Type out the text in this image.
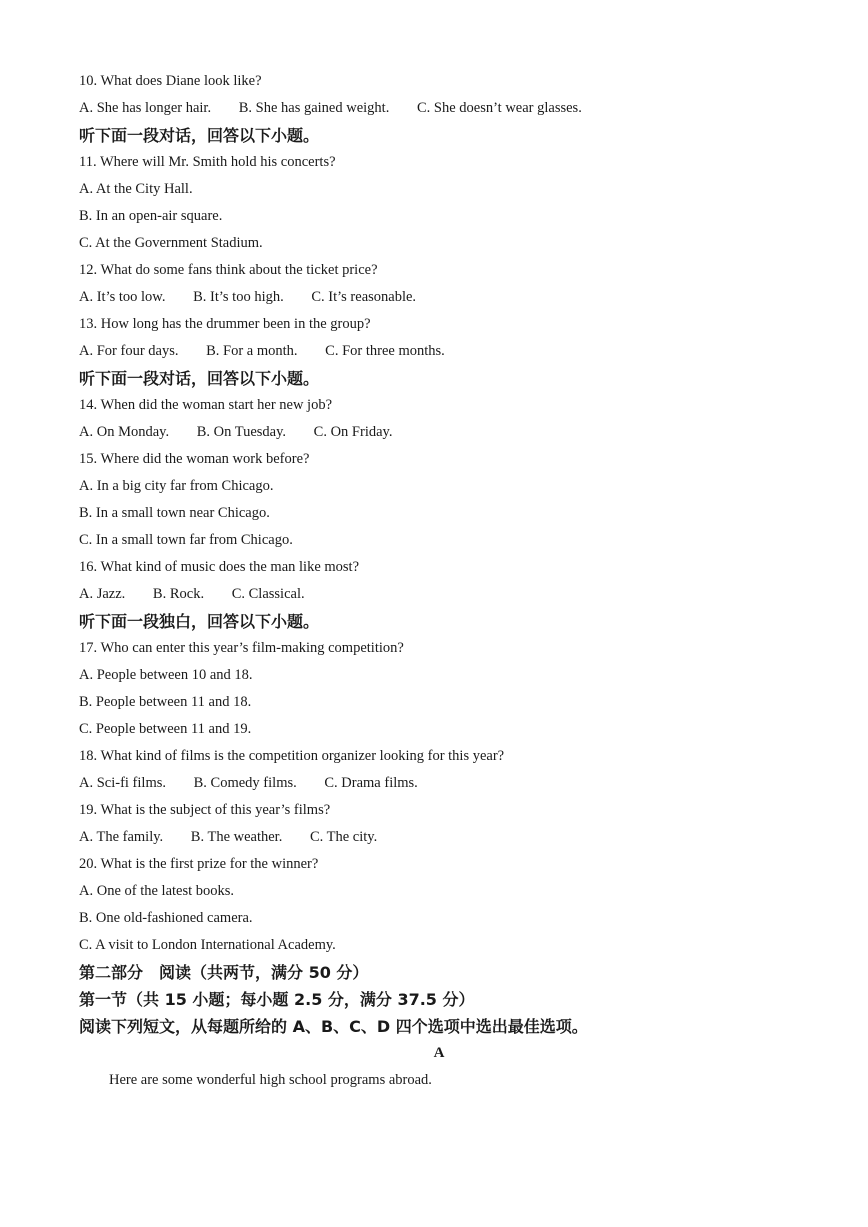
10. What does Diane look like?
A. She has longer hair. B. She has gained weight. C. She doesn’t wear glasses.
听下面一段对话，回答以下小题。
11. Where will Mr. Smith hold his concerts?
A. At the City Hall.
B. In an open-air square.
C. At the Government Stadium.
12. What do some fans think about the ticket price?
A. It’s too low. B. It’s too high. C. It’s reasonable.
13. How long has the drummer been in the group?
A. For four days. B. For a month. C. For three months.
听下面一段对话，回答以下小题。
14. When did the woman start her new job?
A. On Monday. B. On Tuesday. C. On Friday.
15. Where did the woman work before?
A. In a big city far from Chicago.
B. In a small town near Chicago.
C. In a small town far from Chicago.
16. What kind of music does the man like most?
A. Jazz. B. Rock. C. Classical.
听下面一段独白，回答以下小题。
17. Who can enter this year’s film-making competition?
A. People between 10 and 18.
B. People between 11 and 18.
C. People between 11 and 19.
18. What kind of films is the competition organizer looking for this year?
A. Sci-fi films. B. Comedy films. C. Drama films.
19. What is the subject of this year’s films?
A. The family. B. The weather. C. The city.
20. What is the first prize for the winner?
A. One of the latest books.
B. One old-fashioned camera.
C. A visit to London International Academy.
第二部分　阅读（共两节，满分 50 分）
第一节（共 15 小题；每小题 2.5 分，满分 37.5 分）
阅读下列短文，从每题所给的 A、B、C、D 四个选项中选出最佳选项。
A
Here are some wonderful high school programs abroad.
